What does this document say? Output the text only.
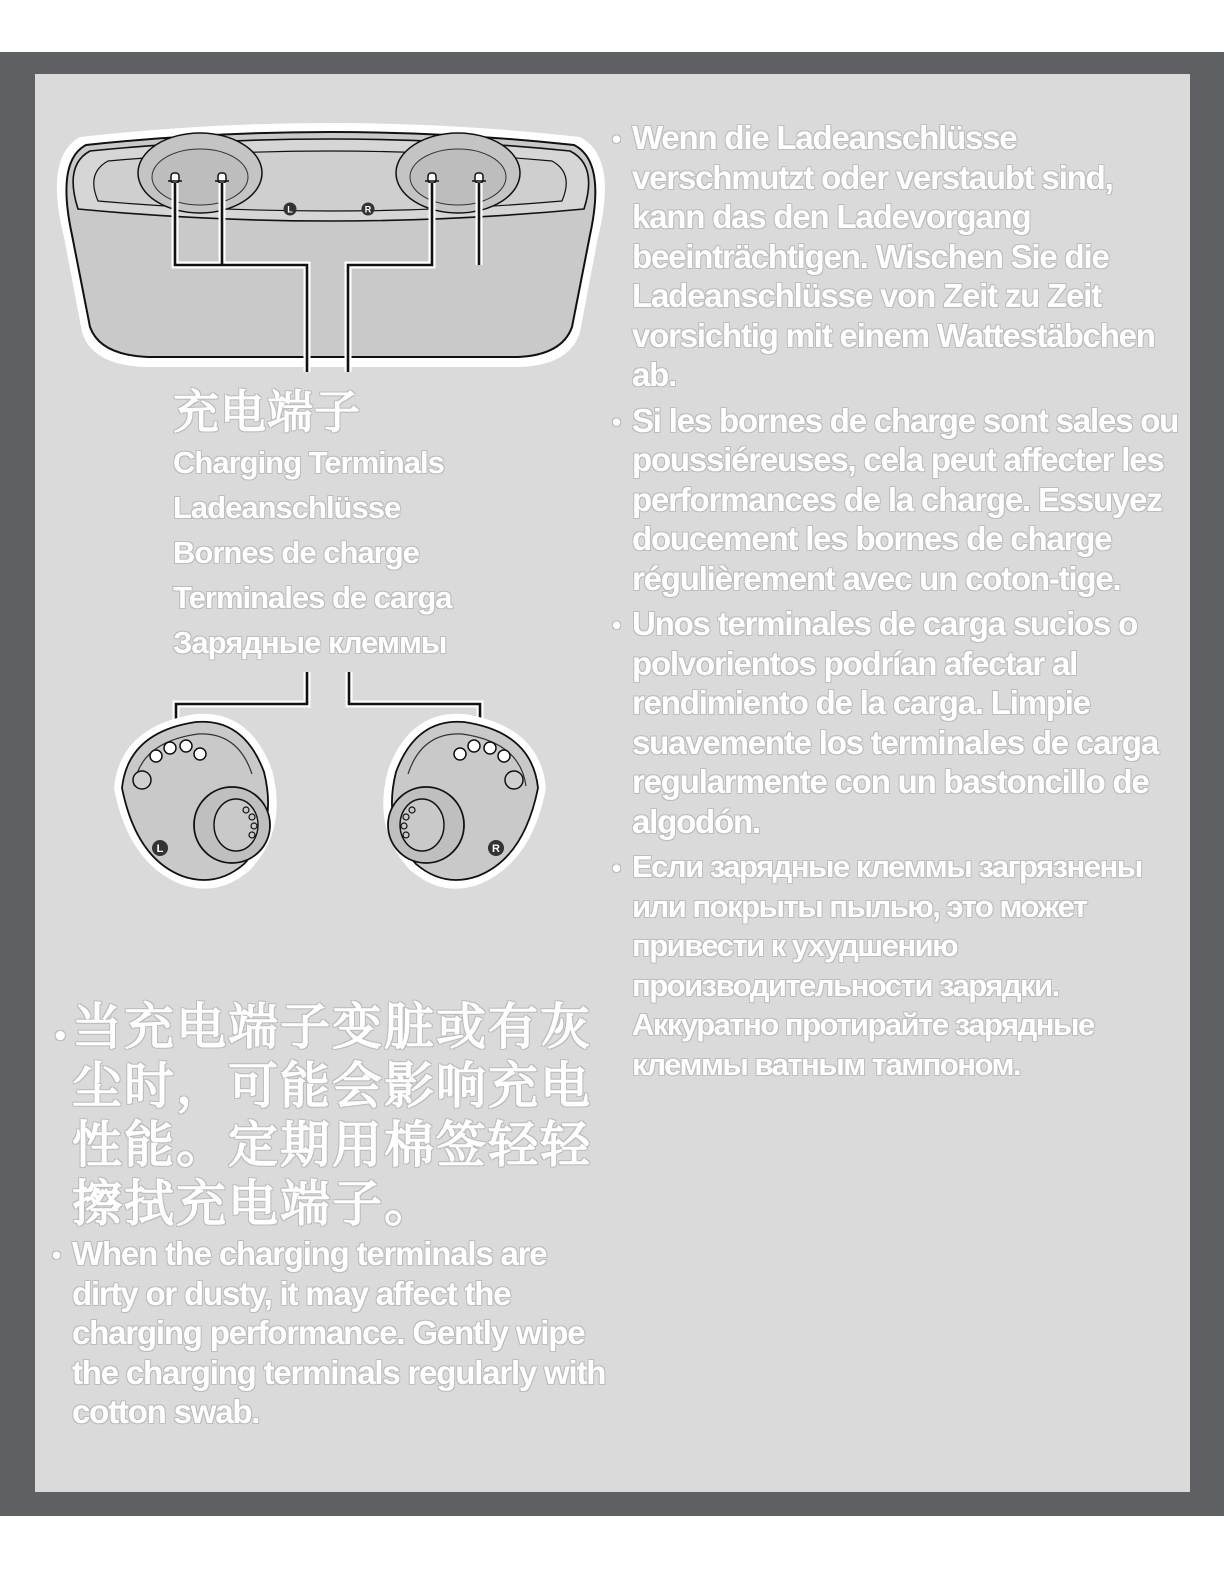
L	R
充电端子
Charging Terminals
Ladeanschlüsse
Bornes de charge
Terminales de carga
Зарядные клеммы
L	R
• 当充电端子变脏或有灰尘时，可能会影响充电性能。定期用棉签轻轻擦拭充电端子。
• When the charging terminals are dirty or dusty, it may affect the charging performance. Gently wipe the charging terminals regularly with cotton swab.
• Wenn die Ladeanschlüsse verschmutzt oder verstaubt sind, kann das den Ladevorgang beeinträchtigen. Wischen Sie die Ladeanschlüsse von Zeit zu Zeit vorsichtig mit einem Wattestäbchen ab.
• Si les bornes de charge sont sales ou poussiéreuses, cela peut affecter les performances de la charge. Essuyez doucement les bornes de charge régulièrement avec un coton-tige.
• Unos terminales de carga sucios o polvorientos podrían afectar al rendimiento de la carga. Limpie suavemente los terminales de carga regularmente con un bastoncillo de algodón.
• Если зарядные клеммы загрязнены или покрыты пылью, это может привести к ухудшению производительности зарядки. Аккуратно протирайте зарядные клеммы ватным тампоном.
